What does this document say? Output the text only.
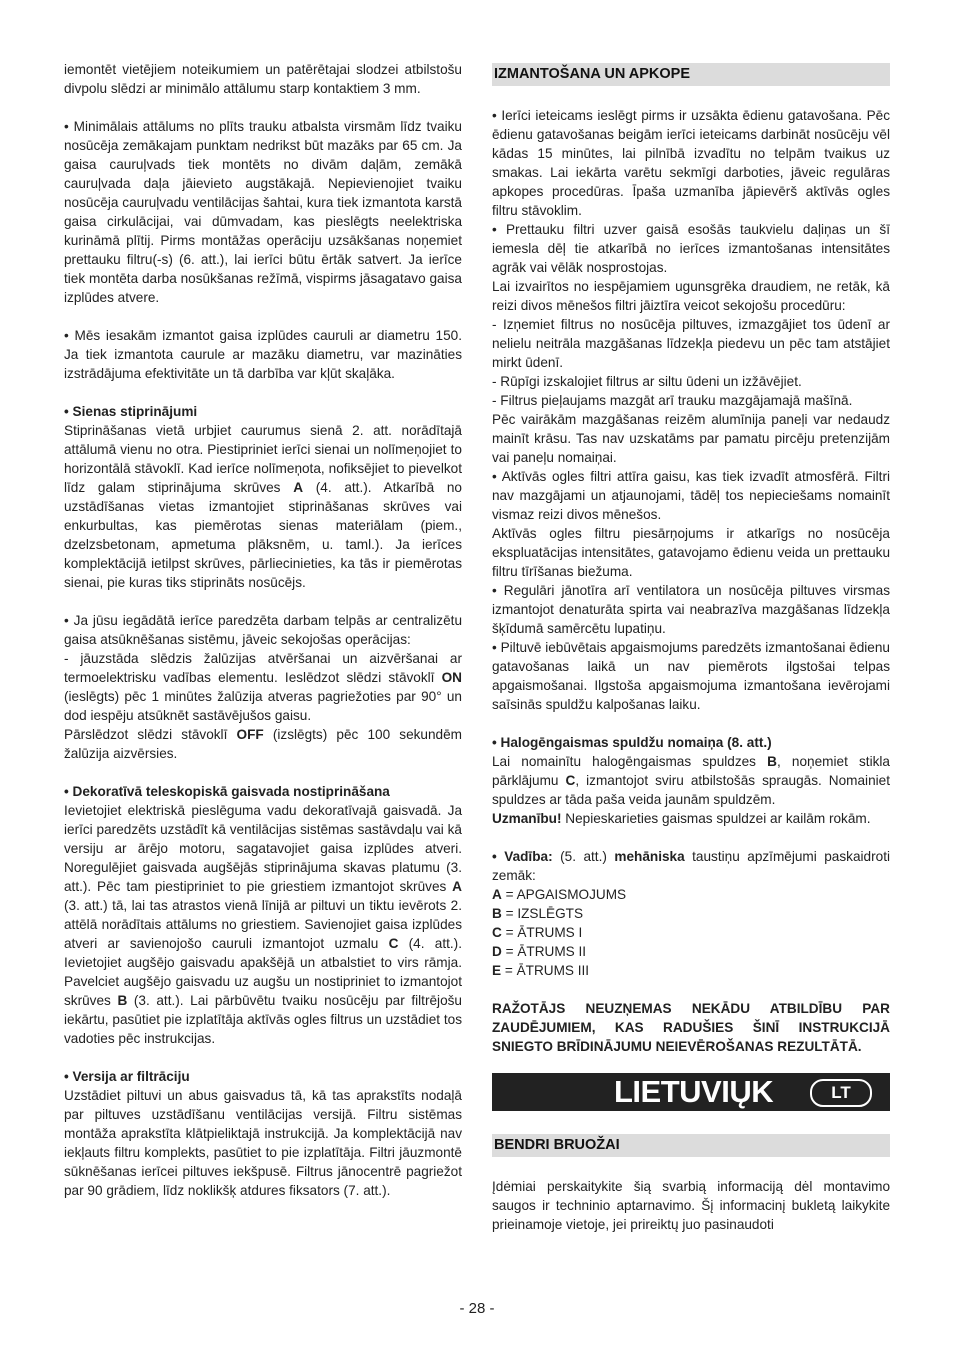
iemontēt vietējiem noteikumiem un patērētajai slodzei atbilstošu divpolu slēdzi ar minimālo attālumu starp kontaktiem 3 mm.

• Minimālais attālums no plīts trauku atbalsta virsmām līdz tvaiku nosūcēja zemākajam punktam nedrikst būt mazāks par 65 cm. Ja gaisa cauruļvads tiek montēts no divām daļām, zemākā cauruļvada daļa jāievieto augstākajā. Nepievienojiet tvaiku nosūcēja cauruļvadu ventilācijas šahtai, kura tiek izmantota karstā gaisa cirkulācijai, vai dūmvadam, kas pieslēgts neelektriska kurināmā plītij. Pirms montāžas operāciju uzsākšanas noņemiet prettauku filtru(-s) (6. att.), lai ierīci būtu ērtāk satvert. Ja ierīce tiek montēta darba nosūkšanas režīmā, vispirms jāsagatavo gaisa izplūdes atvere.

• Mēs iesakām izmantot gaisa izplūdes cauruli ar diametru 150. Ja tiek izmantota caurule ar mazāku diametru, var mazināties izstrādājuma efektivitāte un tā darbība var kļūt skaļāka.

• Sienas stiprinājumi

Stiprināšanas vietā urbjiet caurumus sienā 2. att. norādītajā attālumā vienu no otra. Piestipriniet ierīci sienai un nolīmeņojiet to horizontālā stāvoklī. Kad ierīce nolīmeņota, nofiksējiet to pievelkot līdz galam stiprinājuma skrūves A (4. att.). Atkarībā no uzstādīšanas vietas izmantojiet stiprināšanas skrūves vai enkurbultas, kas piemērotas sienas materiālam (piem., dzelzsbetonam, apmetuma plāksnēm, u. taml.). Ja ierīces komplektācijā ietilpst skrūves, pārliecinieties, ka tās ir piemērotas sienai, pie kuras tiks stiprināts nosūcējs.

• Ja jūsu iegādātā ierīce paredzēta darbam telpās ar centralizētu gaisa atsūknēšanas sistēmu, jāveic sekojošas operācijas:

- jāuzstāda slēdzis žalūzijas atvēršanai un aizvēršanai ar termoelektrisku vadības elementu. Ieslēdzot slēdzi stāvoklī ON (ieslēgts) pēc 1 minūtes žalūzija atveras pagriežoties par 90° un dod iespēju atsūknēt sastāvējušos gaisu.

Pārslēdzot slēdzi stāvoklī OFF (izslēgts) pēc 100 sekundēm žalūzija aizvērsies.

• Dekoratīvā teleskopiskā gaisvada nostiprināšana

Ievietojiet elektriskā pieslēguma vadu dekoratīvajā gaisvadā. Ja ierīci paredzēts uzstādīt kā ventilācijas sistēmas sastāvdaļu vai kā versiju ar ārējo motoru, sagatavojiet gaisa izplūdes atveri. Noregulējiet gaisvada augšējās stiprinājuma skavas platumu (3. att.). Pēc tam piestipriniet to pie griestiem izmantojot skrūves A (3. att.) tā, lai tas atrastos vienā līnijā ar piltuvi un tiktu ievērots 2. attēlā norādītais attālums no griestiem. Savienojiet gaisa izplūdes atveri ar savienojošo cauruli izmantojot uzmalu C (4. att.). Ievietojiet augšējo gaisvadu apakšējā un atbalstiet to virs rāmja. Pavelciet augšējo gaisvadu uz augšu un nostipriniet to izmantojot skrūves B (3. att.). Lai pārbūvētu tvaiku nosūcēju par filtrējošu iekārtu, pasūtiet pie izplatītāja aktīvās ogles filtrus un uzstādiet tos vadoties pēc instrukcijas.

• Versija ar filtrāciju

Uzstādiet piltuvi un abus gaisvadus tā, kā tas aprakstīts nodaļā par piltuves uzstādīšanu ventilācijas versijā. Filtru sistēmas montāža aprakstīta klātpieliktajā instrukcijā. Ja komplektācijā nav iekļauts filtru komplekts, pasūtiet to pie izplatītāja. Filtri jāuzmontē sūknēšanas ierīcei piltuves iekšpusē. Filtrus jānocentrē pagriežot par 90 grādiem, līdz noklikšķ atdures fiksators (7. att.).

IZMANTOŠANA UN APKOPE

• Ierīci ieteicams ieslēgt pirms ir uzsākta ēdienu gatavošana. Pēc ēdienu gatavošanas beigām ierīci ieteicams darbināt nosūcēju vēl kādas 15 minūtes, lai pilnībā izvadītu no telpām tvaikus uz smakas. Lai iekārta varētu sekmīgi darboties, jāveic regulāras apkopes procedūras. Īpaša uzmanība jāpievērš aktīvās ogles filtru stāvoklim.

• Prettauku filtri uzver gaisā esošās taukvielu daļiņas un šī iemesla dēļ tie atkarībā no ierīces izmantošanas intensitātes agrāk vai vēlāk nosprostojas.

Lai izvairītos no iespējamiem ugunsgrēka draudiem, ne retāk, kā reizi divos mēnešos filtri jāiztīra veicot sekojošu procedūru:

- Izņemiet filtrus no nosūcēja piltuves, izmazgājiet tos ūdenī ar nelielu neitrāla mazgāšanas līdzekļa piedevu un pēc tam atstājiet mirkt ūdenī.

- Rūpīgi izskalojiet filtrus ar siltu ūdeni un izžāvējiet.

- Filtrus pieļaujams mazgāt arī trauku mazgājamajā mašīnā.

Pēc vairākām mazgāšanas reizēm alumīnija paneļi var nedaudz mainīt krāsu. Tas nav uzskatāms par pamatu pircēju pretenzijām vai paneļu nomaiņai.

• Aktīvās ogles filtri attīra gaisu, kas tiek izvadīt atmosfērā. Filtri nav mazgājami un atjaunojami, tādēļ tos nepieciešams nomainīt vismaz reizi divos mēnešos.

Aktīvās ogles filtru piesārņojums ir atkarīgs no nosūcēja ekspluatācijas intensitātes, gatavojamo ēdienu veida un prettauku filtru tīrīšanas biežuma.

• Regulāri jānotīra arī ventilatora un nosūcēja piltuves virsmas izmantojot denaturāta spirta vai neabrazīva mazgāšanas līdzekļa šķīdumā samērcētu lupatiņu.

• Piltuvē iebūvētais apgaismojums paredzēts izmantošanai ēdienu gatavošanas laikā un nav piemērots ilgstošai telpas apgaismošanai. Ilgstoša apgaismojuma izmantošana ievērojami saīsinās spuldžu kalpošanas laiku.

• Halogēngaismas spuldžu nomaiņa (8. att.)

Lai nomainītu halogēngaismas spuldzes B, noņemiet stikla pārklājumu C, izmantojot sviru atbilstošās spraugās. Nomainiet spuldzes ar tāda paša veida jaunām spuldzēm.

Uzmanību! Nepieskarieties gaismas spuldzei ar kailām rokām.

• Vadība: (5. att.) mehāniska taustiņu apzīmējumi paskaidroti zemāk:

A = APGAISMOJUMS

B = IZSLĒGTS

C = ĀTRUMS I

D = ĀTRUMS II

E = ĀTRUMS III

RAŽOTĀJS NEUZŅEMAS NEKĀDU ATBILDĪBU PAR ZAUDĒJUMIEM, KAS RADUŠIES ŠINĪ INSTRUKCIJĀ SNIEGTO BRĪDINĀJUMU NEIEVĒROŠANAS REZULTĀTĀ.

LIETUVIŲK	LT
BENDRI BRUOŽAI

Įdėmiai perskaitykite šią svarbią informaciją dėl montavimo saugos ir techninio aptarnavimo. Šį informacinį bukletą laikykite prieinamoje vietoje, jei prireiktų juo pasinaudoti

- 28 -
